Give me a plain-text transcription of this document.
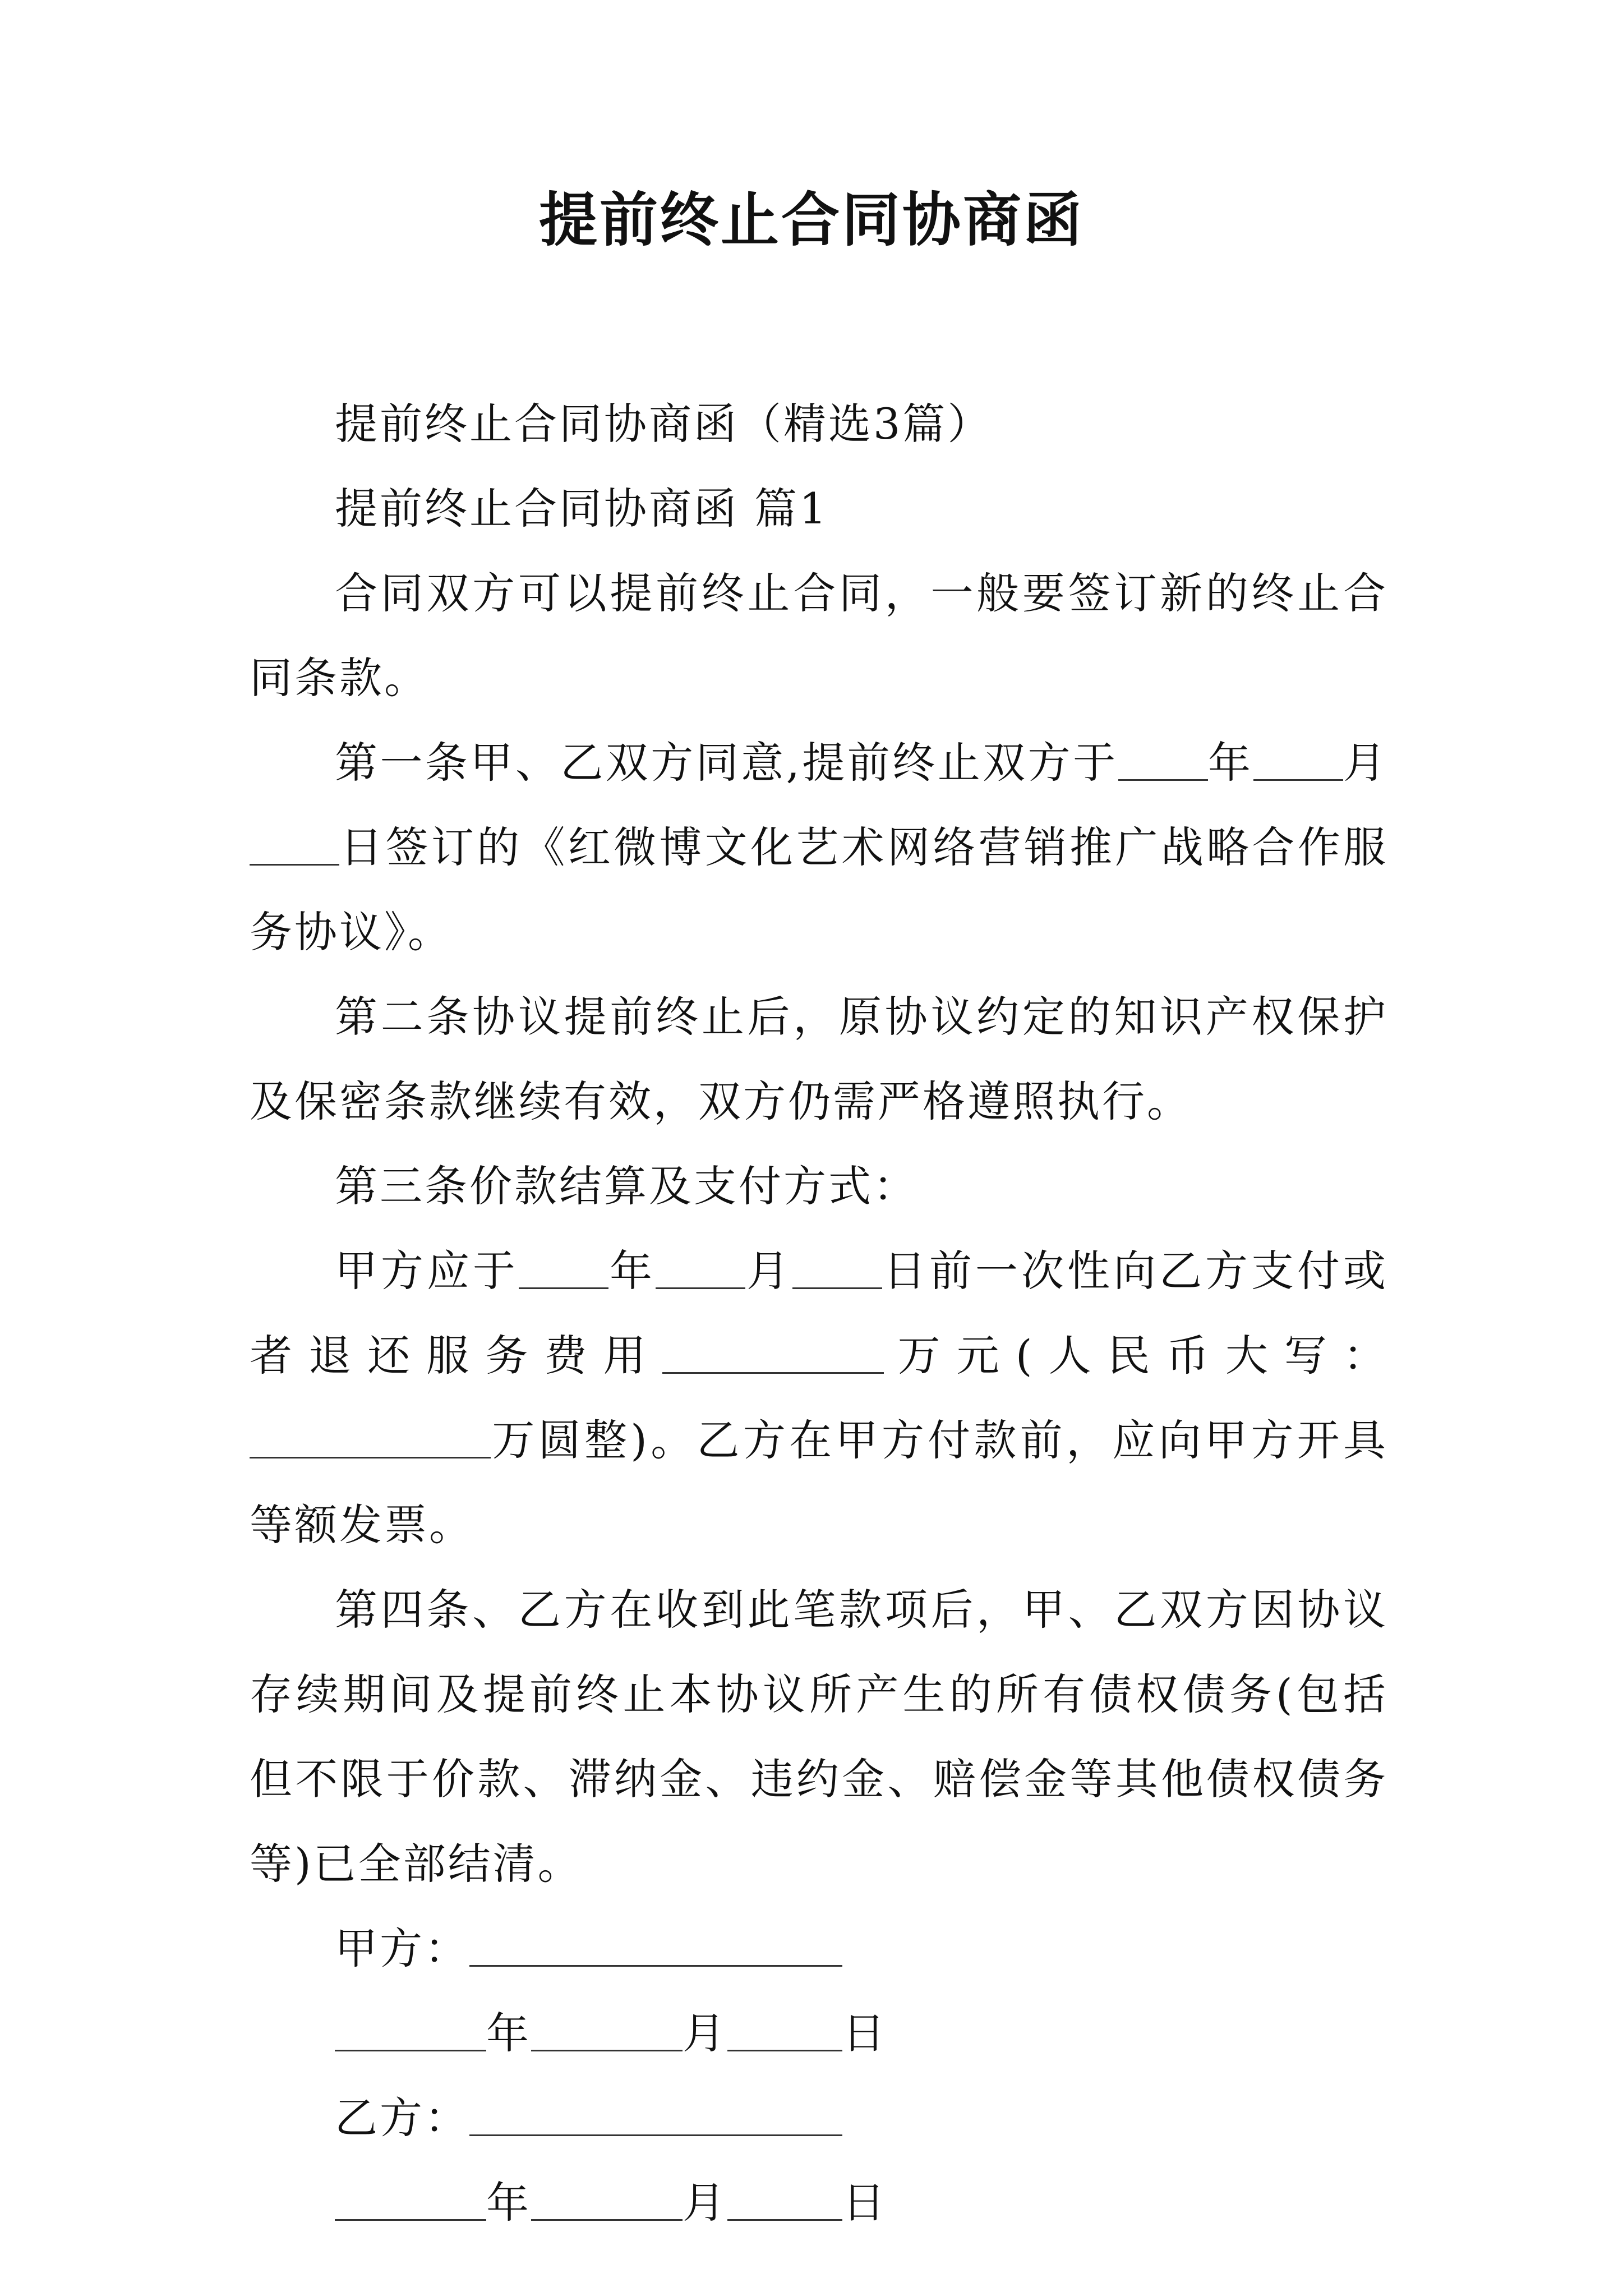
提前终止合同协商函

提前终止合同协商函（精选3篇）

提前终止合同协商函 篇1

合同双方可以提前终止合同，一般要签订新的终止合同条款。

第一条甲、乙双方同意,提前终止双方于 年 月日签订的《红微博文化艺术网络营销推广战略合作服务协议》。

第二条协议提前终止后，原协议约定的知识产权保护及保密条款继续有效，双方仍需严格遵照执行。

第三条价款结算及支付方式：

甲方应于 年 月 日前一次性向乙方支付或者退还服务费用	万元(人民币大写：万圆整)。乙方在甲方付款前，应向甲方开具等额发票。

第四条、乙方在收到此笔款项后，甲、乙双方因协议存续期间及提前终止本协议所产生的所有债权债务(包括但不限于价款、滞纳金、违约金、赔偿金等其他债权债务等)已全部结清。

甲方：

年	月	日

乙方：

年	月	日
